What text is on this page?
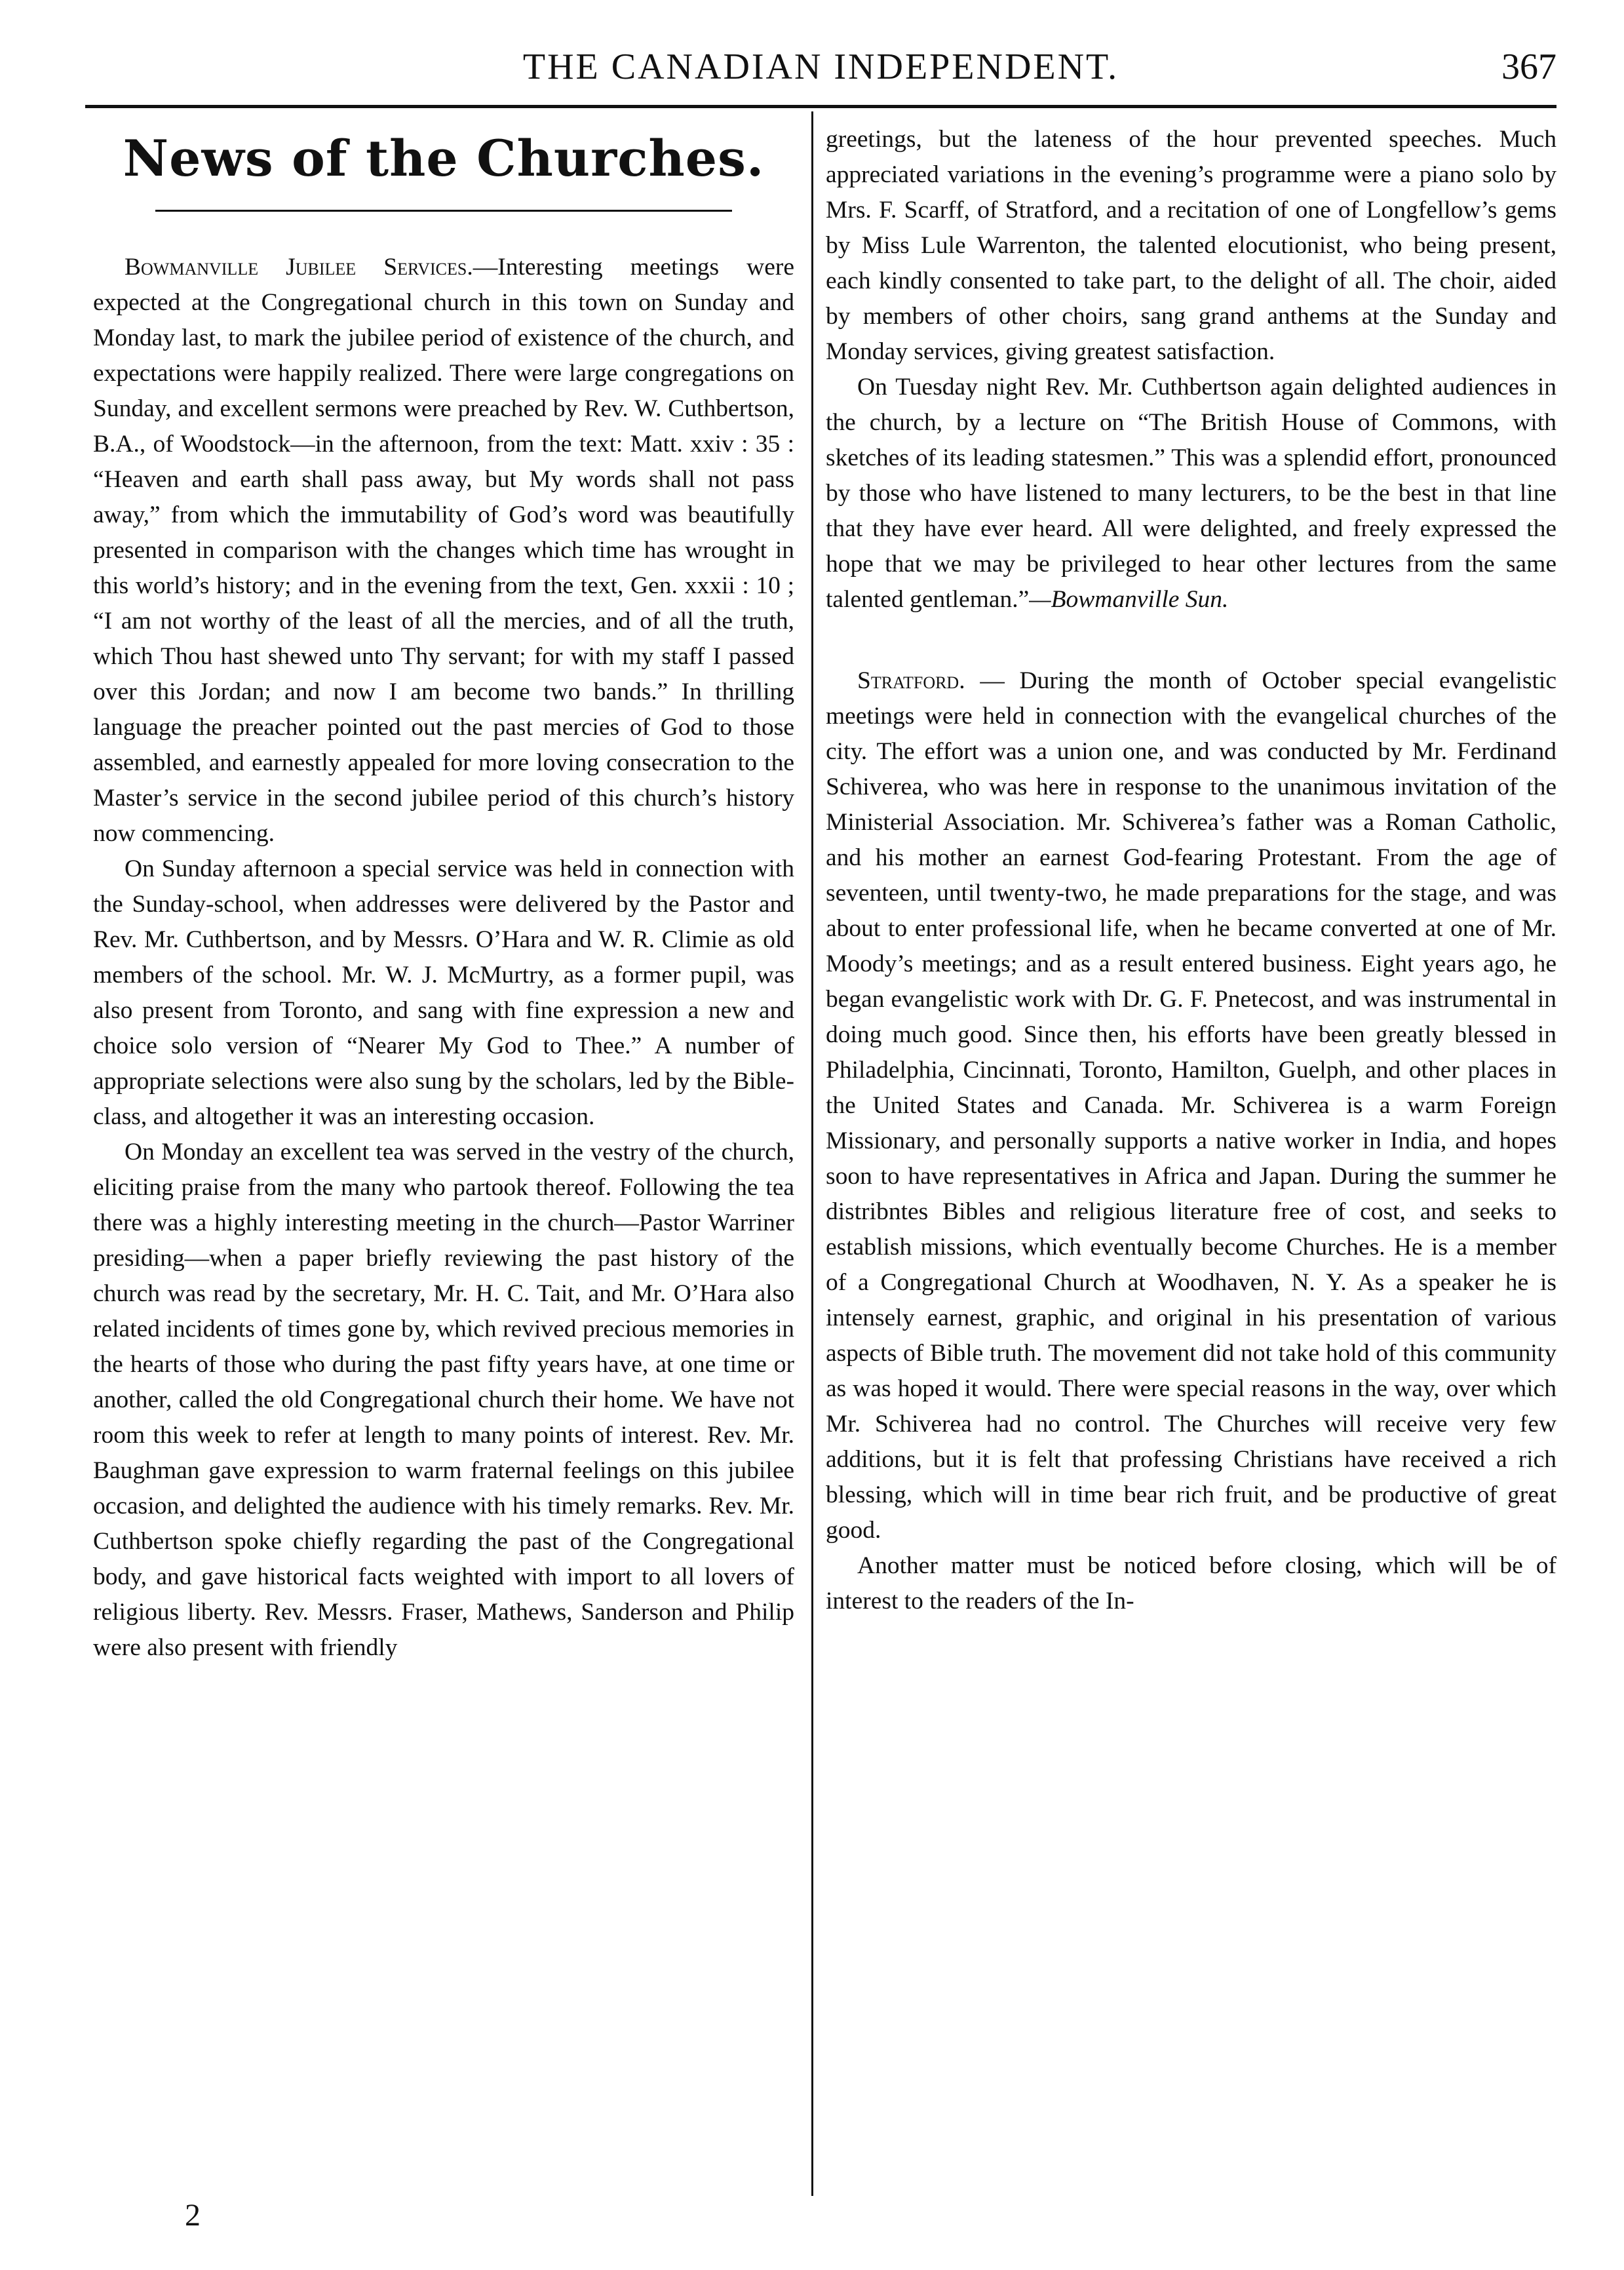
THE CANADIAN INDEPENDENT.	367
News of the Churches.

Bowmanville Jubilee Services.—Interesting meetings were expected at the Congregational church in this town on Sunday and Monday last, to mark the jubilee period of existence of the church, and expectations were happily realized. There were large congregations on Sunday, and excellent sermons were preached by Rev. W. Cuthbertson, B.A., of Woodstock—in the afternoon, from the text: Matt. xxiv : 35 : “Heaven and earth shall pass away, but My words shall not pass away,” from which the immutability of God’s word was beautifully presented in comparison with the changes which time has wrought in this world’s history; and in the evening from the text, Gen. xxxii : 10 ; “I am not worthy of the least of all the mercies, and of all the truth, which Thou hast shewed unto Thy servant; for with my staff I passed over this Jordan; and now I am become two bands.” In thrilling language the preacher pointed out the past mercies of God to those assembled, and earnestly appealed for more loving consecration to the Master’s service in the second jubilee period of this church’s history now commencing.

On Sunday afternoon a special service was held in connection with the Sunday-school, when addresses were delivered by the Pastor and Rev. Mr. Cuthbertson, and by Messrs. O’Hara and W. R. Climie as old members of the school. Mr. W. J. McMurtry, as a former pupil, was also present from Toronto, and sang with fine expression a new and choice solo version of “Nearer My God to Thee.” A number of appropriate selections were also sung by the scholars, led by the Bible-class, and altogether it was an interesting occasion.

On Monday an excellent tea was served in the vestry of the church, eliciting praise from the many who partook thereof. Following the tea there was a highly interesting meeting in the church—Pastor Warriner presiding—when a paper briefly reviewing the past history of the church was read by the secretary, Mr. H. C. Tait, and Mr. O’Hara also related incidents of times gone by, which revived precious memories in the hearts of those who during the past fifty years have, at one time or another, called the old Congregational church their home. We have not room this week to refer at length to many points of interest. Rev. Mr. Baughman gave expression to warm fraternal feelings on this jubilee occasion, and delighted the audience with his timely remarks. Rev. Mr. Cuthbertson spoke chiefly regarding the past of the Congregational body, and gave historical facts weighted with import to all lovers of religious liberty. Rev. Messrs. Fraser, Mathews, Sanderson and Philip were also present with friendly

greetings, but the lateness of the hour prevented speeches. Much appreciated variations in the evening’s programme were a piano solo by Mrs. F. Scarff, of Stratford, and a recitation of one of Longfellow’s gems by Miss Lule Warrenton, the talented elocutionist, who being present, each kindly consented to take part, to the delight of all. The choir, aided by members of other choirs, sang grand anthems at the Sunday and Monday services, giving greatest satisfaction.

On Tuesday night Rev. Mr. Cuthbertson again delighted audiences in the church, by a lecture on “The British House of Commons, with sketches of its leading statesmen.” This was a splendid effort, pronounced by those who have listened to many lecturers, to be the best in that line that they have ever heard. All were delighted, and freely expressed the hope that we may be privileged to hear other lectures from the same talented gentleman.”—Bowmanville Sun.

Stratford. — During the month of October special evangelistic meetings were held in connection with the evangelical churches of the city. The effort was a union one, and was conducted by Mr. Ferdinand Schiverea, who was here in response to the unanimous invitation of the Ministerial Association. Mr. Schiverea’s father was a Roman Catholic, and his mother an earnest God-fearing Protestant. From the age of seventeen, until twenty-two, he made preparations for the stage, and was about to enter professional life, when he became converted at one of Mr. Moody’s meetings; and as a result entered business. Eight years ago, he began evangelistic work with Dr. G. F. Pnetecost, and was instrumental in doing much good. Since then, his efforts have been greatly blessed in Philadelphia, Cincinnati, Toronto, Hamilton, Guelph, and other places in the United States and Canada. Mr. Schiverea is a warm Foreign Missionary, and personally supports a native worker in India, and hopes soon to have representatives in Africa and Japan. During the summer he distribntes Bibles and religious literature free of cost, and seeks to establish missions, which eventually become Churches. He is a member of a Congregational Church at Woodhaven, N. Y. As a speaker he is intensely earnest, graphic, and original in his presentation of various aspects of Bible truth. The movement did not take hold of this community as was hoped it would. There were special reasons in the way, over which Mr. Schiverea had no control. The Churches will receive very few additions, but it is felt that professing Christians have received a rich blessing, which will in time bear rich fruit, and be productive of great good.

Another matter must be noticed before closing, which will be of interest to the readers of the In-

2
